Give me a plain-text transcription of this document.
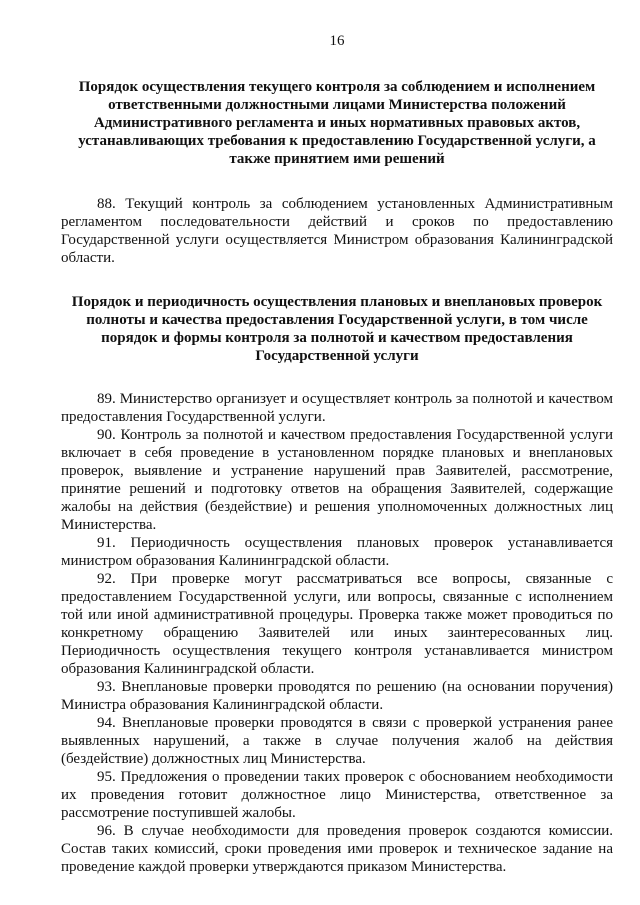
16

Порядок осуществления текущего контроля за соблюдением и исполнением ответственными должностными лицами Министерства положений Административного регламента и иных нормативных правовых актов, устанавливающих требования к предоставлению Государственной услуги, а также принятием ими решений

88. Текущий контроль за соблюдением установленных Административным регламентом последовательности действий и сроков по предоставлению Государственной услуги осуществляется Министром образования Калининградской области.

Порядок и периодичность осуществления плановых и внеплановых проверок полноты и качества предоставления Государственной услуги, в том числе порядок и формы контроля за полнотой и качеством предоставления Государственной услуги

89. Министерство организует и осуществляет контроль за полнотой и качеством предоставления Государственной услуги.

90. Контроль за полнотой и качеством предоставления Государственной услуги включает в себя проведение в установленном порядке плановых и внеплановых проверок, выявление и устранение нарушений прав Заявителей, рассмотрение, принятие решений и подготовку ответов на обращения Заявителей, содержащие жалобы на действия (бездействие) и решения уполномоченных должностных лиц Министерства.

91. Периодичность осуществления плановых проверок устанавливается министром образования Калининградской области.

92. При проверке могут рассматриваться все вопросы, связанные с предоставлением Государственной услуги, или вопросы, связанные с исполнением той или иной административной процедуры. Проверка также может проводиться по конкретному обращению Заявителей или иных заинтересованных лиц. Периодичность осуществления текущего контроля устанавливается министром образования Калининградской области.

93. Внеплановые проверки проводятся по решению (на основании поручения) Министра образования Калининградской области.

94. Внеплановые проверки проводятся в связи с проверкой устранения ранее выявленных нарушений, а также в случае получения жалоб на действия (бездействие) должностных лиц Министерства.

95. Предложения о проведении таких проверок с обоснованием необходимости их проведения готовит должностное лицо Министерства, ответственное за рассмотрение поступившей жалобы.

96. В случае необходимости для проведения проверок создаются комиссии. Состав таких комиссий, сроки проведения ими проверок и техническое задание на проведение каждой проверки утверждаются приказом Министерства.
